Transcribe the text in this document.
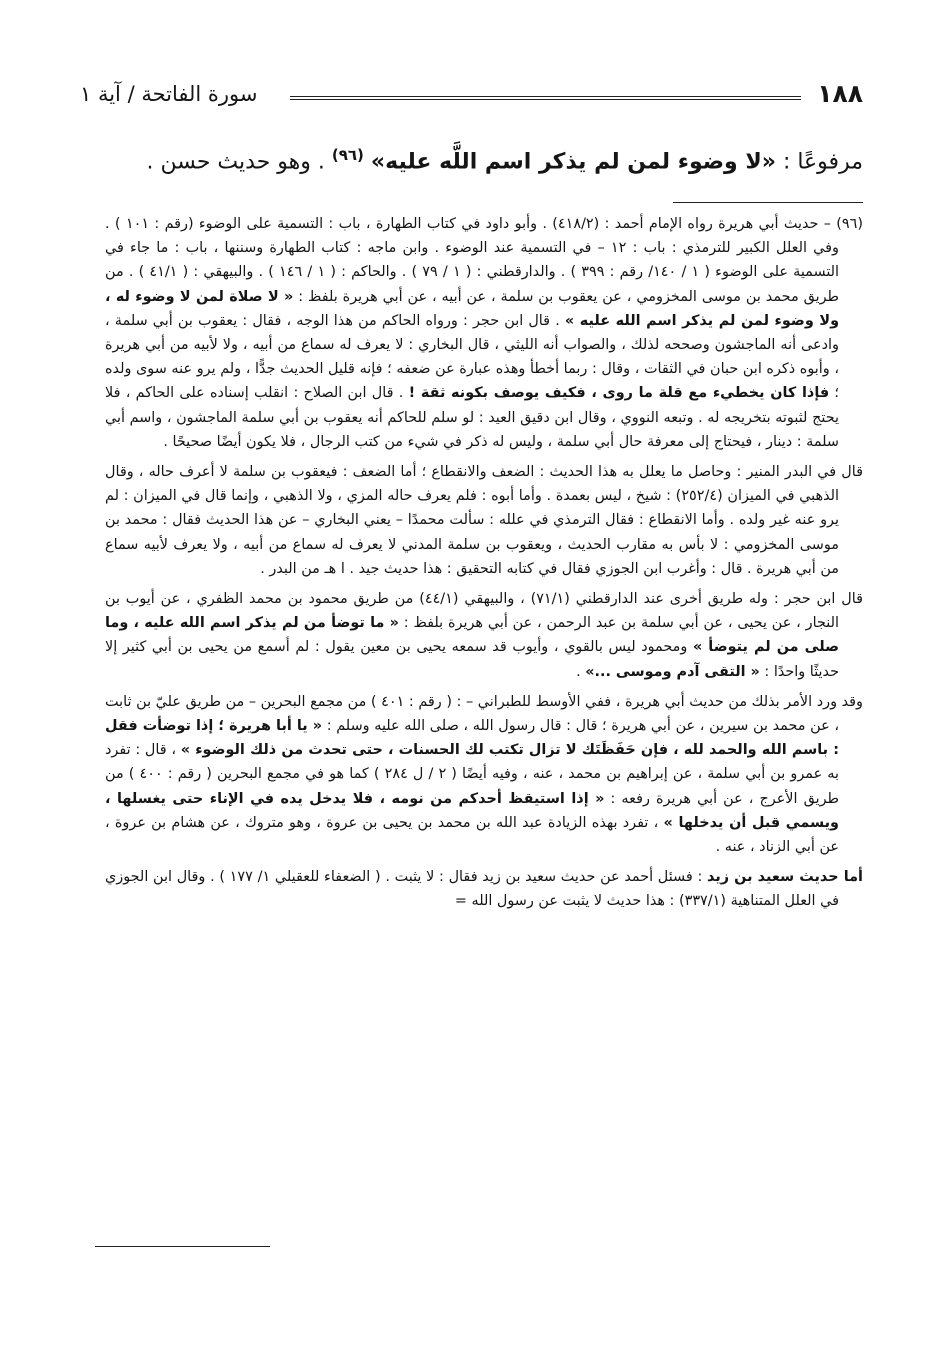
١٨٨
سورة الفاتحة / آية ١
مرفوعًا : «لا وضوء لمن لم يذكر اسم اللَّه عليه» $^{(٩٦)}$ . وهو حديث حسن .

(٩٦) – حديث أبي هريرة رواه الإمام أحمد : (٤١٨/٢) . وأبو داود في كتاب الطهارة ، باب : التسمية على الوضوء (رقم : ١٠١ ) . وفي العلل الكبير للترمذي : باب : ١٢ – في التسمية عند الوضوء . وابن ماجه : كتاب الطهارة وسننها ، باب : ما جاء في التسمية على الوضوء ( ١ / ١٤٠/ رقم : ٣٩٩ ) . والدارقطني : ( ١ / ٧٩ ) . والحاكم : ( ١ / ١٤٦ ) . والبيهقي : ( ٤١/١ ) . من طريق محمد بن موسى المخزومي ، عن يعقوب بن سلمة ، عن أبيه ، عن أبي هريرة بلفظ : « لا صلاة لمن لا وضوء له ، ولا وضوء لمن لم يذكر اسم الله عليه » . قال ابن حجر : ورواه الحاكم من هذا الوجه ، فقال : يعقوب بن أبي سلمة ، وادعى أنه الماجشون وصححه لذلك ، والصواب أنه الليثي ، قال البخاري : لا يعرف له سماع من أبيه ، ولا لأبيه من أبي هريرة ، وأبوه ذكره ابن حبان في الثقات ، وقال : ربما أخطأ وهذه عبارة عن ضعفه ؛ فإنه قليل الحديث جدًّا ، ولم يرو عنه سوى ولده ؛ فإذا كان يخطيء مع قلة ما روى ، فكيف يوصف بكونه ثقة ! . قال ابن الصلاح : انقلب إسناده على الحاكم ، فلا يحتج لثبوته بتخريجه له . وتبعه النووي ، وقال ابن دقيق العيد : لو سلم للحاكم أنه يعقوب بن أبي سلمة الماجشون ، واسم أبي سلمة : دينار ، فيحتاج إلى معرفة حال أبي سلمة ، وليس له ذكر في شيء من كتب الرجال ، فلا يكون أيضًا صحيحًا .

قال في البدر المنير : وحاصل ما يعلل به هذا الحديث : الضعف والانقطاع ؛ أما الضعف : فيعقوب بن سلمة لا أعرف حاله ، وقال الذهبي في الميزان (٢٥٢/٤) : شيخ ، ليس بعمدة . وأما أبوه : فلم يعرف حاله المزي ، ولا الذهبي ، وإنما قال في الميزان : لم يرو عنه غير ولده . وأما الانقطاع : فقال الترمذي في علله : سألت محمدًا – يعني البخاري – عن هذا الحديث فقال : محمد بن موسى المخزومي : لا بأس به مقارب الحديث ، ويعقوب بن سلمة المدني لا يعرف له سماع من أبيه ، ولا يعرف لأبيه سماع من أبي هريرة . قال : وأغرب ابن الجوزي فقال في كتابه التحقيق : هذا حديث جيد . ا هـ من البدر .

قال ابن حجر : وله طريق أخرى عند الدارقطني (٧١/١) ، والبيهقي (٤٤/١) من طريق محمود بن محمد الظفري ، عن أيوب بن النجار ، عن يحيى ، عن أبي سلمة بن عبد الرحمن ، عن أبي هريرة بلفظ : « ما توضأ من لم يذكر اسم الله عليه ، وما صلى من لم يتوضأ » ومحمود ليس بالقوي ، وأيوب قد سمعه يحيى بن معين يقول : لم أسمع من يحيى بن أبي كثير إلا حديثًا واحدًا : « التقى آدم وموسى ...» .

وقد ورد الأمر بذلك من حديث أبي هريرة ، ففي الأوسط للطبراني – : ( رقم : ٤٠١ ) من مجمع البحرين – من طريق عليّ بن ثابت ، عن محمد بن سيرين ، عن أبي هريرة ؛ قال : قال رسول الله ، صلى الله عليه وسلم : « يا أبا هريرة ؛ إذا توضأت فقل : باسم الله والحمد لله ، فإن حَفَظَتَك لا تزال تكتب لك الحسنات ، حتى تحدث من ذلك الوضوء » ، قال : تفرد به عمرو بن أبي سلمة ، عن إبراهيم بن محمد ، عنه ، وفيه أيضًا ( ٢ / ل ٢٨٤ ) كما هو في مجمع البحرين ( رقم : ٤٠٠ ) من طريق الأعرج ، عن أبي هريرة رفعه : « إذا استيقظ أحدكم من نومه ، فلا يدخل يده في الإناء حتى يغسلها ، ويسمي قبل أن يدخلها » ، تفرد بهذه الزيادة عبد الله بن محمد بن يحيى بن عروة ، وهو متروك ، عن هشام بن عروة ، عن أبي الزناد ، عنه .

أما حديث سعيد بن زيد : فسئل أحمد عن حديث سعيد بن زيد فقال : لا يثبت . ( الضعفاء للعقيلي ١/ ١٧٧ ) . وقال ابن الجوزي في العلل المتناهية (٣٣٧/١) : هذا حديث لا يثبت عن رسول الله =
